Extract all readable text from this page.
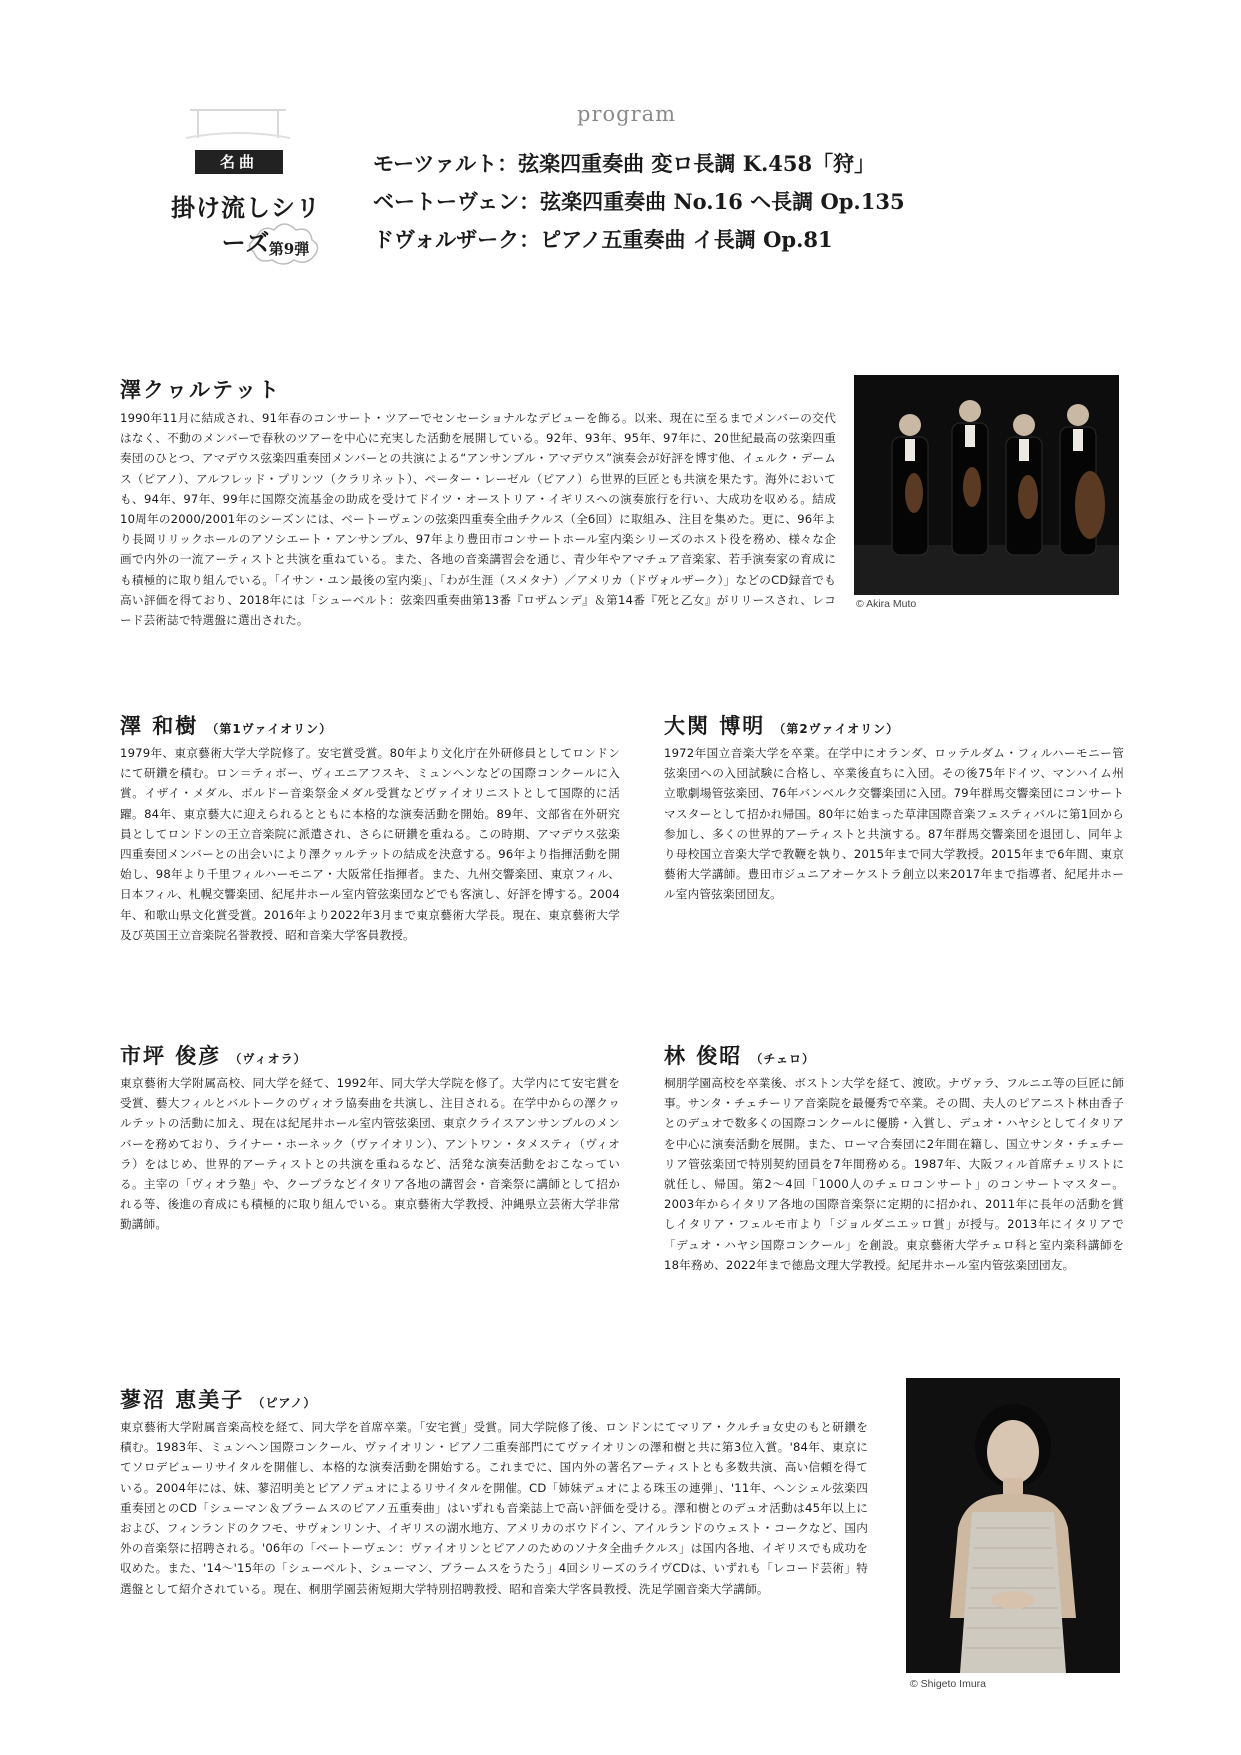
program
名曲
掛け流しシリーズ
第9弾
モーツァルト：弦楽四重奏曲 変ロ長調 K.458「狩」
ベートーヴェン：弦楽四重奏曲 No.16 ヘ長調 Op.135
ドヴォルザーク：ピアノ五重奏曲 イ長調 Op.81
澤クヮルテット
1990年11月に結成され、91年春のコンサート・ツアーでセンセーショナルなデビューを飾る。以来、現在に至るまでメンバーの交代はなく、不動のメンバーで春秋のツアーを中心に充実した活動を展開している。92年、93年、95年、97年に、20世紀最高の弦楽四重奏団のひとつ、アマデウス弦楽四重奏団メンバーとの共演による“アンサンブル・アマデウス”演奏会が好評を博す他、イェルク・デームス（ピアノ）、アルフレッド・プリンツ（クラリネット）、ペーター・レーゼル（ピアノ）ら世界的巨匠とも共演を果たす。海外においても、94年、97年、99年に国際交流基金の助成を受けてドイツ・オーストリア・イギリスへの演奏旅行を行い、大成功を収める。結成10周年の2000/2001年のシーズンには、ベートーヴェンの弦楽四重奏全曲チクルス（全6回）に取組み、注目を集めた。更に、96年より長岡リリックホールのアソシエート・アンサンブル、97年より豊田市コンサートホール室内楽シリーズのホスト役を務め、様々な企画で内外の一流アーティストと共演を重ねている。また、各地の音楽講習会を通じ、青少年やアマチュア音楽家、若手演奏家の育成にも積極的に取り組んでいる。「イサン・ユン最後の室内楽」、「わが生涯（スメタナ）／アメリカ（ドヴォルザーク）」などのCD録音でも高い評価を得ており、2018年には「シューベルト：弦楽四重奏曲第13番『ロザムンデ』＆第14番『死と乙女』がリリースされ、レコード芸術誌で特選盤に選出された。
© Akira Muto
澤 和樹 （第1ヴァイオリン）
1979年、東京藝術大学大学院修了。安宅賞受賞。80年より文化庁在外研修員としてロンドンにて研鑽を積む。ロン＝ティボー、ヴィエニアフスキ、ミュンヘンなどの国際コンクールに入賞。イザイ・メダル、ボルドー音楽祭金メダル受賞などヴァイオリニストとして国際的に活躍。84年、東京藝大に迎えられるとともに本格的な演奏活動を開始。89年、文部省在外研究員としてロンドンの王立音楽院に派遣され、さらに研鑽を重ねる。この時期、アマデウス弦楽四重奏団メンバーとの出会いにより澤クヮルテットの結成を決意する。96年より指揮活動を開始し、98年より千里フィルハーモニア・大阪常任指揮者。また、九州交響楽団、東京フィル、日本フィル、札幌交響楽団、紀尾井ホール室内管弦楽団などでも客演し、好評を博する。2004年、和歌山県文化賞受賞。2016年より2022年3月まで東京藝術大学長。現在、東京藝術大学及び英国王立音楽院名誉教授、昭和音楽大学客員教授。
大関 博明 （第2ヴァイオリン）
1972年国立音楽大学を卒業。在学中にオランダ、ロッテルダム・フィルハーモニー管弦楽団への入団試験に合格し、卒業後直ちに入団。その後75年ドイツ、マンハイム州立歌劇場管弦楽団、76年バンベルク交響楽団に入団。79年群馬交響楽団にコンサートマスターとして招かれ帰国。80年に始まった草津国際音楽フェスティバルに第1回から参加し、多くの世界的アーティストと共演する。87年群馬交響楽団を退団し、同年より母校国立音楽大学で教鞭を執り、2015年まで同大学教授。2015年まで6年間、東京藝術大学講師。豊田市ジュニアオーケストラ創立以来2017年まで指導者、紀尾井ホール室内管弦楽団団友。
市坪 俊彦 （ヴィオラ）
東京藝術大学附属高校、同大学を経て、1992年、同大学大学院を修了。大学内にて安宅賞を受賞、藝大フィルとバルトークのヴィオラ協奏曲を共演し、注目される。在学中からの澤クヮルテットの活動に加え、現在は紀尾井ホール室内管弦楽団、東京クライスアンサンブルのメンバーを務めており、ライナー・ホーネック（ヴァイオリン）、アントワン・タメスティ（ヴィオラ）をはじめ、世界的アーティストとの共演を重ねるなど、活発な演奏活動をおこなっている。主宰の「ヴィオラ塾」や、クープラなどイタリア各地の講習会・音楽祭に講師として招かれる等、後進の育成にも積極的に取り組んでいる。東京藝術大学教授、沖縄県立芸術大学非常勤講師。
林 俊昭 （チェロ）
桐朋学園高校を卒業後、ボストン大学を経て、渡欧。ナヴァラ、フルニエ等の巨匠に師事。サンタ・チェチーリア音楽院を最優秀で卒業。その間、夫人のピアニスト林由香子とのデュオで数多くの国際コンクールに優勝・入賞し、デュオ・ハヤシとしてイタリアを中心に演奏活動を展開。また、ローマ合奏団に2年間在籍し、国立サンタ・チェチーリア管弦楽団で特別契約団員を7年間務める。1987年、大阪フィル首席チェリストに就任し、帰国。第2～4回「1000人のチェロコンサート」のコンサートマスター。2003年からイタリア各地の国際音楽祭に定期的に招かれ、2011年に長年の活動を賞しイタリア・フェルモ市より「ジョルダニエッロ賞」が授与。2013年にイタリアで「デュオ・ハヤシ国際コンクール」を創設。東京藝術大学チェロ科と室内楽科講師を18年務め、2022年まで徳島文理大学教授。紀尾井ホール室内管弦楽団団友。
蓼沼 恵美子 （ピアノ）
東京藝術大学附属音楽高校を経て、同大学を首席卒業。「安宅賞」受賞。同大学院修了後、ロンドンにてマリア・クルチョ女史のもと研鑽を積む。1983年、ミュンヘン国際コンクール、ヴァイオリン・ピアノ二重奏部門にてヴァイオリンの澤和樹と共に第3位入賞。'84年、東京にてソロデビューリサイタルを開催し、本格的な演奏活動を開始する。これまでに、国内外の著名アーティストとも多数共演、高い信頼を得ている。2004年には、妹、蓼沼明美とピアノデュオによるリサイタルを開催。CD「姉妹デュオによる珠玉の連弾」、'11年、ヘンシェル弦楽四重奏団とのCD「シューマン＆ブラームスのピアノ五重奏曲」はいずれも音楽誌上で高い評価を受ける。澤和樹とのデュオ活動は45年以上におよび、フィンランドのクフモ、サヴォンリンナ、イギリスの湖水地方、アメリカのボウドイン、アイルランドのウェスト・コークなど、国内外の音楽祭に招聘される。'06年の「ベートーヴェン：ヴァイオリンとピアノのためのソナタ全曲チクルス」は国内各地、イギリスでも成功を収めた。また、'14～'15年の「シューベルト、シューマン、ブラームスをうたう」4回シリーズのライヴCDは、いずれも「レコード芸術」特選盤として紹介されている。現在、桐朋学園芸術短期大学特別招聘教授、昭和音楽大学客員教授、洗足学園音楽大学講師。
© Shigeto Imura
